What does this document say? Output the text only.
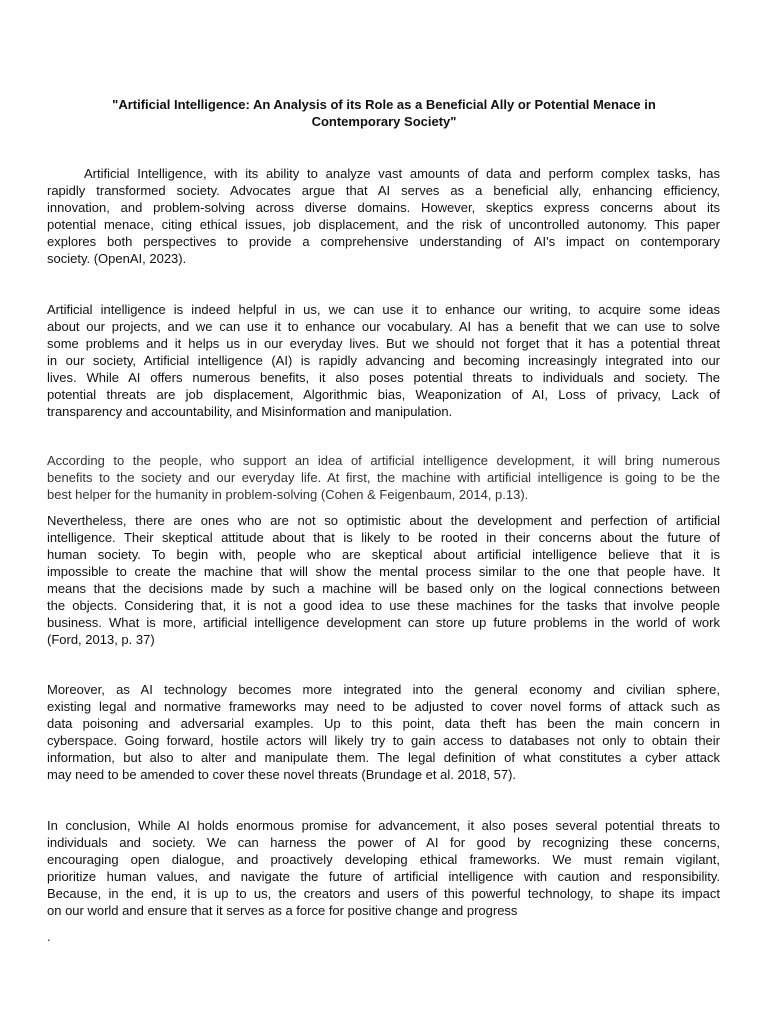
"Artificial Intelligence: An Analysis of its Role as a Beneficial Ally or Potential Menace in
Contemporary Society"
Artificial Intelligence, with its ability to analyze vast amounts of data and perform complex tasks, has
rapidly transformed society. Advocates argue that AI serves as a beneficial ally, enhancing efficiency,
innovation, and problem-solving across diverse domains. However, skeptics express concerns about its
potential menace, citing ethical issues, job displacement, and the risk of uncontrolled autonomy. This paper
explores both perspectives to provide a comprehensive understanding of AI's impact on contemporary
society. (OpenAI, 2023).
Artificial intelligence is indeed helpful in us, we can use it to enhance our writing, to acquire some ideas
about our projects, and we can use it to enhance our vocabulary. AI has a benefit that we can use to solve
some problems and it helps us in our everyday lives. But we should not forget that it has a potential threat
in our society, Artificial intelligence (AI) is rapidly advancing and becoming increasingly integrated into our
lives. While AI offers numerous benefits, it also poses potential threats to individuals and society. The
potential threats are job displacement, Algorithmic bias, Weaponization of AI, Loss of privacy, Lack of
transparency and accountability, and Misinformation and manipulation.
According to the people, who support an idea of artificial intelligence development, it will bring numerous
benefits to the society and our everyday life. At first, the machine with artificial intelligence is going to be the
best helper for the humanity in problem-solving (Cohen & Feigenbaum, 2014, p.13).
Nevertheless, there are ones who are not so optimistic about the development and perfection of artificial
intelligence. Their skeptical attitude about that is likely to be rooted in their concerns about the future of
human society. To begin with, people who are skeptical about artificial intelligence believe that it is
impossible to create the machine that will show the mental process similar to the one that people have. It
means that the decisions made by such a machine will be based only on the logical connections between
the objects. Considering that, it is not a good idea to use these machines for the tasks that involve people
business. What is more, artificial intelligence development can store up future problems in the world of work
(Ford, 2013, p. 37)
Moreover, as AI technology becomes more integrated into the general economy and civilian sphere,
existing legal and normative frameworks may need to be adjusted to cover novel forms of attack such as
data poisoning and adversarial examples. Up to this point, data theft has been the main concern in
cyberspace. Going forward, hostile actors will likely try to gain access to databases not only to obtain their
information, but also to alter and manipulate them. The legal definition of what constitutes a cyber attack
may need to be amended to cover these novel threats (Brundage et al. 2018, 57).
In conclusion, While AI holds enormous promise for advancement, it also poses several potential threats to
individuals and society. We can harness the power of AI for good by recognizing these concerns,
encouraging open dialogue, and proactively developing ethical frameworks. We must remain vigilant,
prioritize human values, and navigate the future of artificial intelligence with caution and responsibility.
Because, in the end, it is up to us, the creators and users of this powerful technology, to shape its impact
on our world and ensure that it serves as a force for positive change and progress
.
